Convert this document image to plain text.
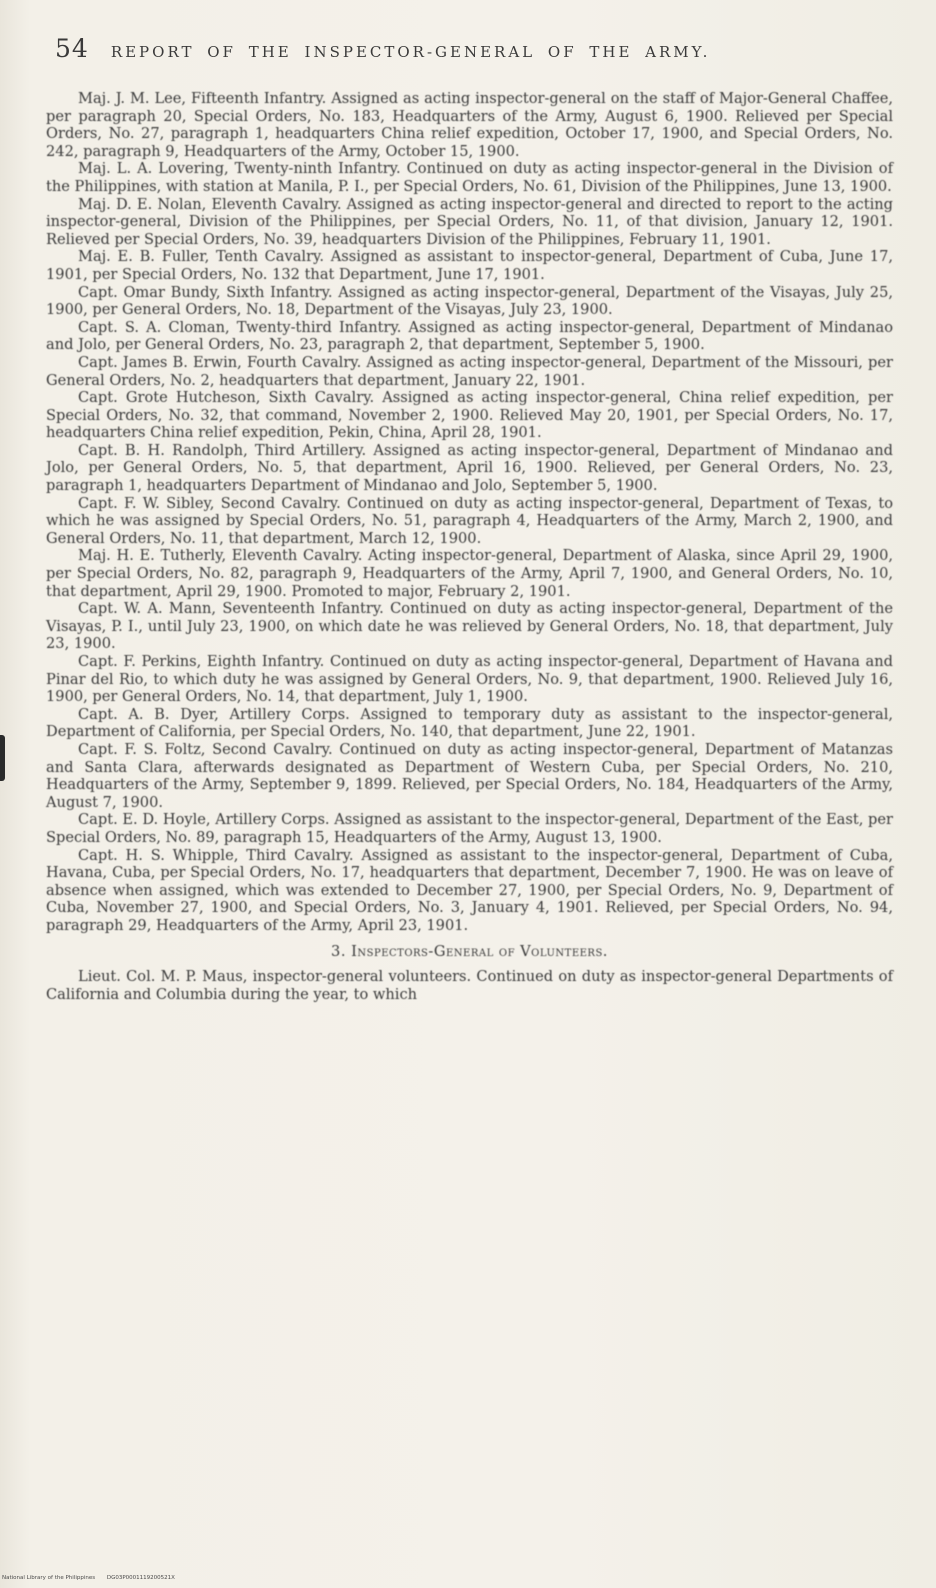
54 REPORT OF THE INSPECTOR-GENERAL OF THE ARMY.

Maj. J. M. Lee, Fifteenth Infantry. Assigned as acting inspector-general on the staff of Major-General Chaffee, per paragraph 20, Special Orders, No. 183, Headquarters of the Army, August 6, 1900. Relieved per Special Orders, No. 27, paragraph 1, headquarters China relief expedition, October 17, 1900, and Special Orders, No. 242, paragraph 9, Headquarters of the Army, October 15, 1900.

Maj. L. A. Lovering, Twenty-ninth Infantry. Continued on duty as acting inspector-general in the Division of the Philippines, with station at Manila, P. I., per Special Orders, No. 61, Division of the Philippines, June 13, 1900.

Maj. D. E. Nolan, Eleventh Cavalry. Assigned as acting inspector-general and directed to report to the acting inspector-general, Division of the Philippines, per Special Orders, No. 11, of that division, January 12, 1901. Relieved per Special Orders, No. 39, headquarters Division of the Philippines, February 11, 1901.

Maj. E. B. Fuller, Tenth Cavalry. Assigned as assistant to inspector-general, Department of Cuba, June 17, 1901, per Special Orders, No. 132 that Department, June 17, 1901.

Capt. Omar Bundy, Sixth Infantry. Assigned as acting inspector-general, Department of the Visayas, July 25, 1900, per General Orders, No. 18, Department of the Visayas, July 23, 1900.

Capt. S. A. Cloman, Twenty-third Infantry. Assigned as acting inspector-general, Department of Mindanao and Jolo, per General Orders, No. 23, paragraph 2, that department, September 5, 1900.

Capt. James B. Erwin, Fourth Cavalry. Assigned as acting inspector-general, Department of the Missouri, per General Orders, No. 2, headquarters that department, January 22, 1901.

Capt. Grote Hutcheson, Sixth Cavalry. Assigned as acting inspector-general, China relief expedition, per Special Orders, No. 32, that command, November 2, 1900. Relieved May 20, 1901, per Special Orders, No. 17, headquarters China relief expedition, Pekin, China, April 28, 1901.

Capt. B. H. Randolph, Third Artillery. Assigned as acting inspector-general, Department of Mindanao and Jolo, per General Orders, No. 5, that department, April 16, 1900. Relieved, per General Orders, No. 23, paragraph 1, headquarters Department of Mindanao and Jolo, September 5, 1900.

Capt. F. W. Sibley, Second Cavalry. Continued on duty as acting inspector-general, Department of Texas, to which he was assigned by Special Orders, No. 51, paragraph 4, Headquarters of the Army, March 2, 1900, and General Orders, No. 11, that department, March 12, 1900.

Maj. H. E. Tutherly, Eleventh Cavalry. Acting inspector-general, Department of Alaska, since April 29, 1900, per Special Orders, No. 82, paragraph 9, Headquarters of the Army, April 7, 1900, and General Orders, No. 10, that department, April 29, 1900. Promoted to major, February 2, 1901.

Capt. W. A. Mann, Seventeenth Infantry. Continued on duty as acting inspector-general, Department of the Visayas, P. I., until July 23, 1900, on which date he was relieved by General Orders, No. 18, that department, July 23, 1900.

Capt. F. Perkins, Eighth Infantry. Continued on duty as acting inspector-general, Department of Havana and Pinar del Rio, to which duty he was assigned by General Orders, No. 9, that department, 1900. Relieved July 16, 1900, per General Orders, No. 14, that department, July 1, 1900.

Capt. A. B. Dyer, Artillery Corps. Assigned to temporary duty as assistant to the inspector-general, Department of California, per Special Orders, No. 140, that department, June 22, 1901.

Capt. F. S. Foltz, Second Cavalry. Continued on duty as acting inspector-general, Department of Matanzas and Santa Clara, afterwards designated as Department of Western Cuba, per Special Orders, No. 210, Headquarters of the Army, September 9, 1899. Relieved, per Special Orders, No. 184, Headquarters of the Army, August 7, 1900.

Capt. E. D. Hoyle, Artillery Corps. Assigned as assistant to the inspector-general, Department of the East, per Special Orders, No. 89, paragraph 15, Headquarters of the Army, August 13, 1900.

Capt. H. S. Whipple, Third Cavalry. Assigned as assistant to the inspector-general, Department of Cuba, Havana, Cuba, per Special Orders, No. 17, headquarters that department, December 7, 1900. He was on leave of absence when assigned, which was extended to December 27, 1900, per Special Orders, No. 9, Department of Cuba, November 27, 1900, and Special Orders, No. 3, January 4, 1901. Relieved, per Special Orders, No. 94, paragraph 29, Headquarters of the Army, April 23, 1901.

3. Inspectors-General of Volunteers.

Lieut. Col. M. P. Maus, inspector-general volunteers. Continued on duty as inspector-general Departments of California and Columbia during the year, to which

National Library of the Philippines DG03P0001119200521X
